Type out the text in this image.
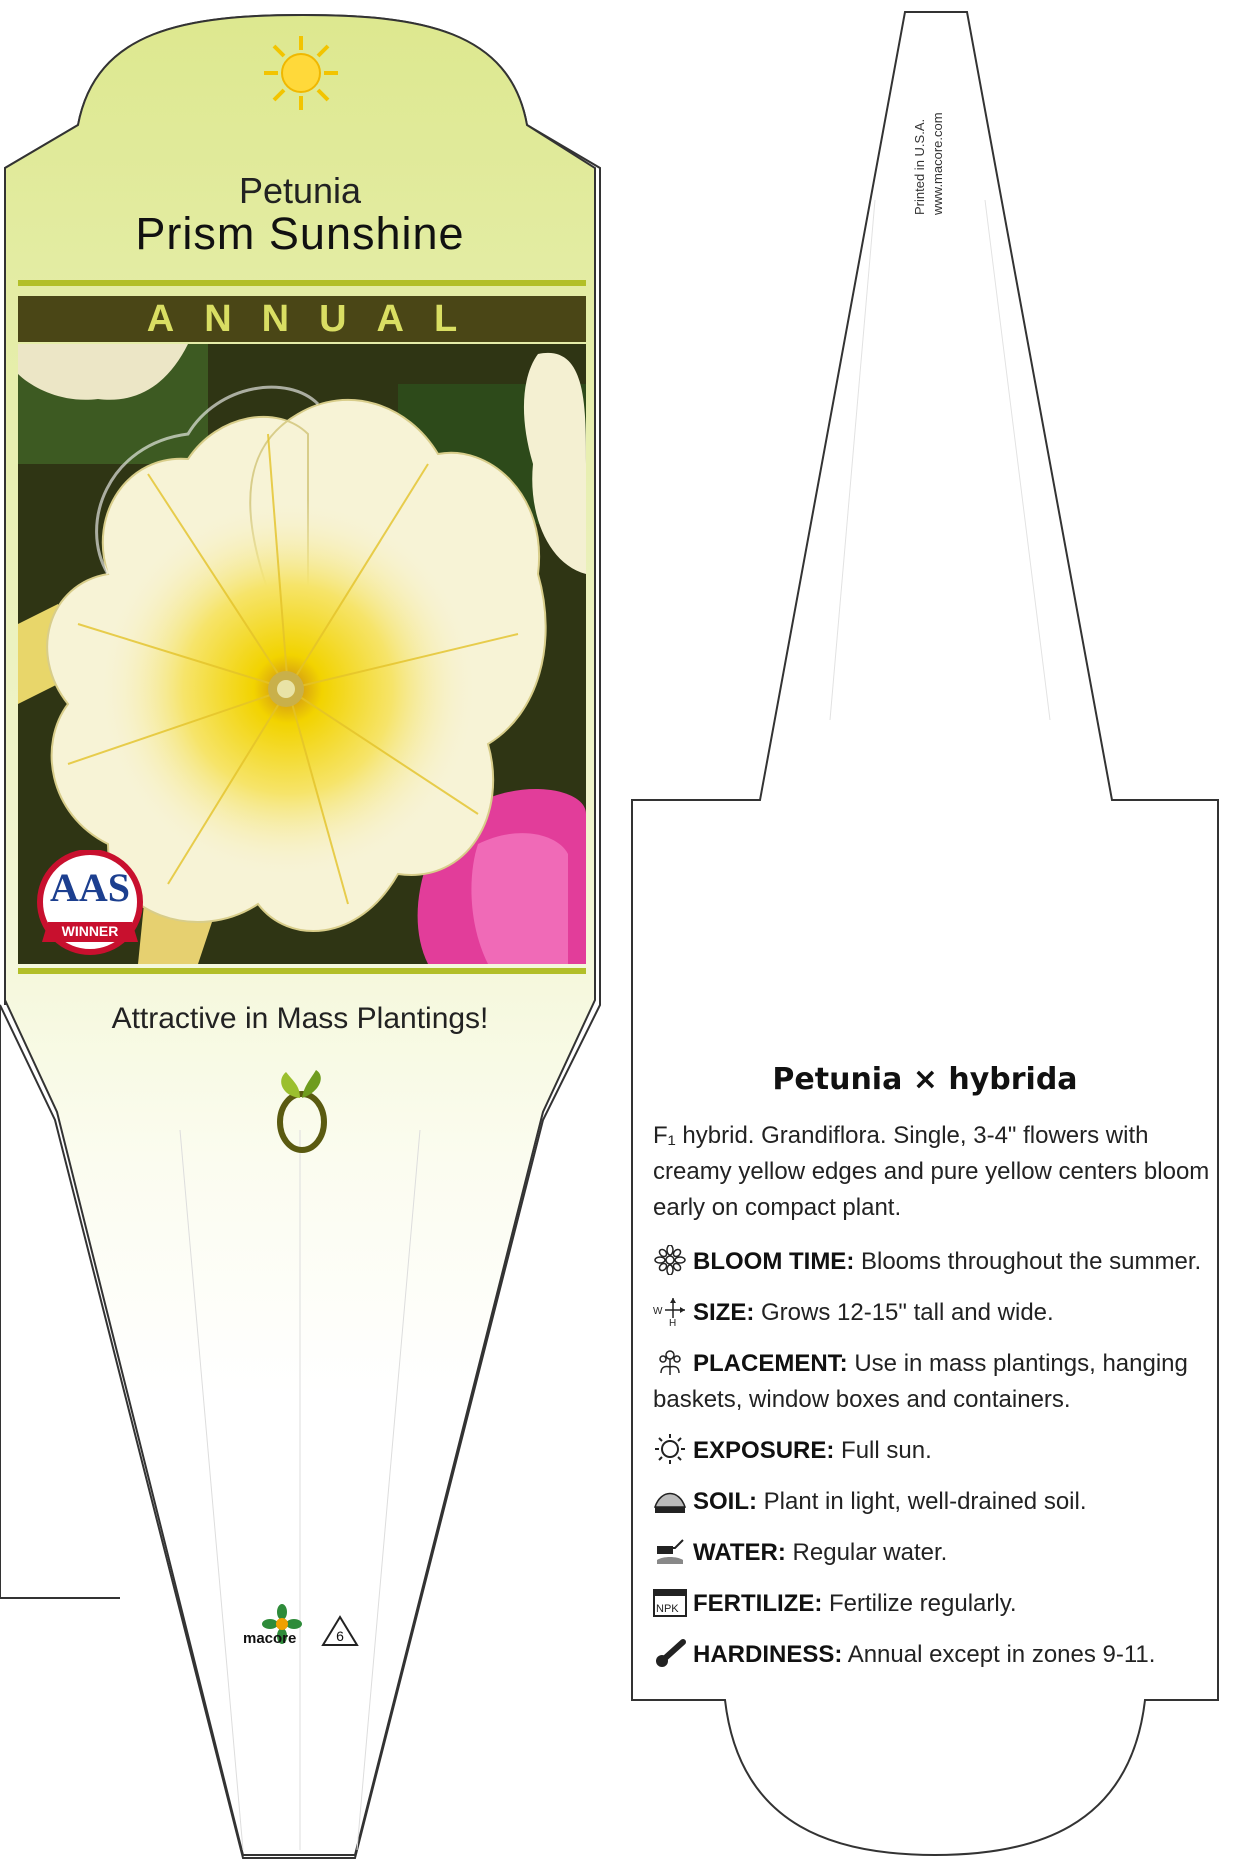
Petunia
Prism Sunshine
ANNUAL
AAS
WINNER
Attractive in Mass Plantings!
macore	6
Printed in U.S.A. www.macore.com
Petunia × hybrida
F₁ hybrid. Grandiflora. Single, 3-4" flowers with creamy yellow edges and pure yellow centers bloom early on compact plant.
BLOOM TIME: Blooms throughout the summer.
W
H SIZE: Grows 12-15" tall and wide.
PLACEMENT: Use in mass plantings, hanging baskets, window boxes and containers.
EXPOSURE: Full sun.
SOIL: Plant in light, well-drained soil.
WATER: Regular water.
NPK FERTILIZE: Fertilize regularly.
HARDINESS: Annual except in zones 9-11.
